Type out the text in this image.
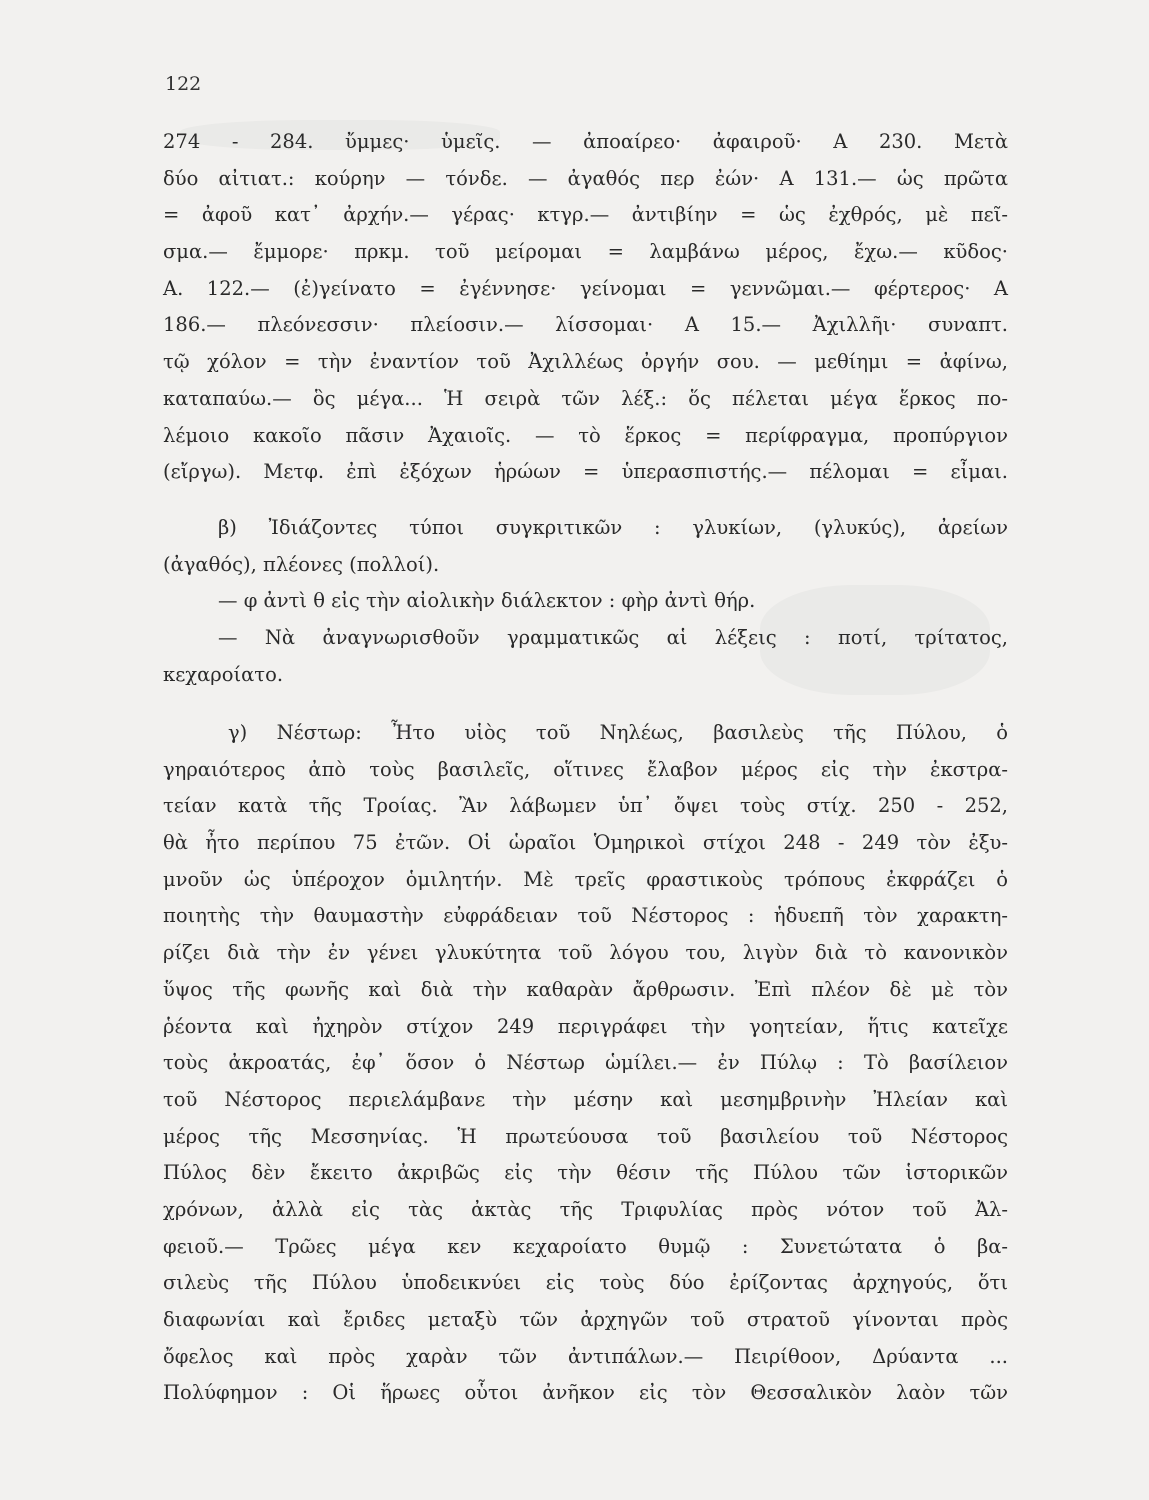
122
274 - 284. ὔμμες· ὑμεῖς. — ἀποαίρεο· ἀφαιροῦ· Α 230. Μετὰ
δύο αἰτιατ.: κούρην — τόνδε. — ἀγαθός περ ἐών· Α 131.— ὡς πρῶτα
= ἀφοῦ κατ᾽ ἀρχήν.— γέρας· κτγρ.— ἀντιβίην = ὡς ἐχθρός, μὲ πεῖ-
σμα.— ἔμμορε· πρκμ. τοῦ μείρομαι = λαμβάνω μέρος, ἔχω.— κῦδος·
Α. 122.— (ἐ)γείνατο = ἐγέννησε· γείνομαι = γεννῶμαι.— φέρτερος· Α
186.— πλεόνεσσιν· πλείοσιν.— λίσσομαι· Α 15.— Ἀχιλλῆι· συναπτ.
τῷ χόλον = τὴν ἐναντίον τοῦ Ἀχιλλέως ὀργήν σου. — μεθίημι = ἀφίνω,
καταπαύω.— ὃς μέγα... Ἡ σειρὰ τῶν λέξ.: ὅς πέλεται μέγα ἕρκος πο-
λέμοιο κακοῖο πᾶσιν Ἀχαιοῖς. — τὸ ἕρκος = περίφραγμα, προπύργιον
(εἴργω). Μετφ. ἐπὶ ἐξόχων ἡρώων = ὑπερασπιστής.— πέλομαι = εἶμαι.
β) Ἰδιάζοντες τύποι συγκριτικῶν : γλυκίων, (γλυκύς), ἀρείων
(ἀγαθός), πλέονες (πολλοί).
— φ ἀντὶ θ εἰς τὴν αἰολικὴν διάλεκτον : φὴρ ἀντὶ θήρ.
— Νὰ ἀναγνωρισθοῦν γραμματικῶς αἱ λέξεις : ποτί, τρίτατος,
κεχαροίατο.
γ) Νέστωρ: Ἦτο υἱὸς τοῦ Νηλέως, βασιλεὺς τῆς Πύλου, ὁ
γηραιότερος ἀπὸ τοὺς βασιλεῖς, οἵτινες ἔλαβον μέρος εἰς τὴν ἐκστρα-
τείαν κατὰ τῆς Τροίας. Ἂν λάβωμεν ὑπ᾽ ὄψει τοὺς στίχ. 250 - 252,
θὰ ἦτο περίπου 75 ἐτῶν. Οἱ ὡραῖοι Ὁμηρικοὶ στίχοι 248 - 249 τὸν ἐξυ-
μνοῦν ὡς ὑπέροχον ὁμιλητήν. Μὲ τρεῖς φραστικοὺς τρόπους ἐκφράζει ὁ
ποιητὴς τὴν θαυμαστὴν εὐφράδειαν τοῦ Νέστορος : ἡδυεπῆ τὸν χαρακτη-
ρίζει διὰ τὴν ἐν γένει γλυκύτητα τοῦ λόγου του, λιγὺν διὰ τὸ κανονικὸν
ὕψος τῆς φωνῆς καὶ διὰ τὴν καθαρὰν ἄρθρωσιν. Ἐπὶ πλέον δὲ μὲ τὸν
ῥέοντα καὶ ἠχηρὸν στίχον 249 περιγράφει τὴν γοητείαν, ἥτις κατεῖχε
τοὺς ἀκροατάς, ἐφ᾽ ὅσον ὁ Νέστωρ ὡμίλει.— ἐν Πύλῳ : Τὸ βασίλειον
τοῦ Νέστορος περιελάμβανε τὴν μέσην καὶ μεσημβρινὴν Ἠλείαν καὶ
μέρος τῆς Μεσσηνίας. Ἡ πρωτεύουσα τοῦ βασιλείου τοῦ Νέστορος
Πύλος δὲν ἔκειτο ἀκριβῶς εἰς τὴν θέσιν τῆς Πύλου τῶν ἱστορικῶν
χρόνων, ἀλλὰ εἰς τὰς ἀκτὰς τῆς Τριφυλίας πρὸς νότον τοῦ Ἀλ-
φειοῦ.— Τρῶες μέγα κεν κεχαροίατο θυμῷ : Συνετώτατα ὁ βα-
σιλεὺς τῆς Πύλου ὑποδεικνύει εἰς τοὺς δύο ἐρίζοντας ἀρχηγούς, ὅτι
διαφωνίαι καὶ ἔριδες μεταξὺ τῶν ἀρχηγῶν τοῦ στρατοῦ γίνονται πρὸς
ὄφελος καὶ πρὸς χαρὰν τῶν ἀντιπάλων.— Πειρίθοον, Δρύαντα ...
Πολύφημον : Οἱ ἥρωες οὗτοι ἀνῆκον εἰς τὸν Θεσσαλικὸν λαὸν τῶν
